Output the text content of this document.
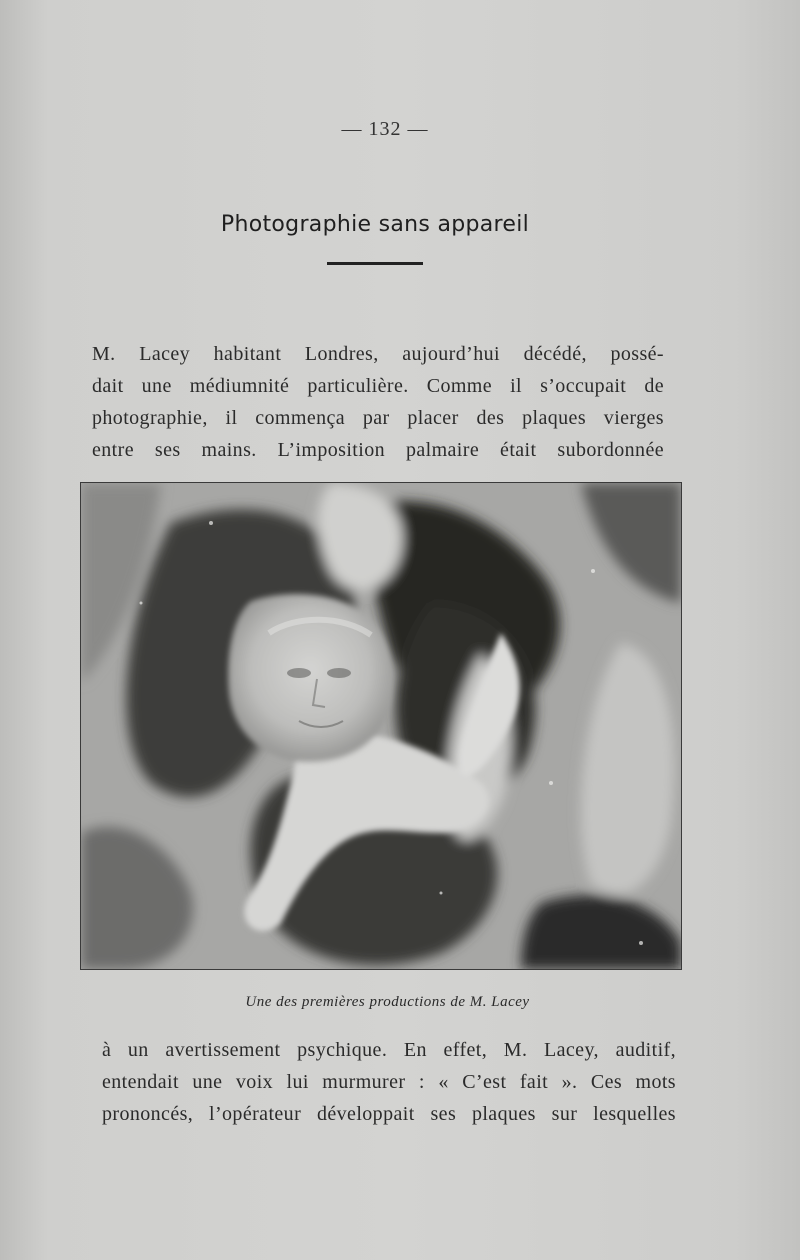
— 132 —
Photographie sans appareil
M. Lacey habitant Londres, aujourd’hui décédé, possé-
dait une médiumnité particulière. Comme il s’occupait de
photographie, il commença par placer des plaques vierges
entre ses mains. L’imposition palmaire était subordonnée
Une des premières productions de M. Lacey
à un avertissement psychique. En effet, M. Lacey, auditif,
entendait une voix lui murmurer : « C’est fait ». Ces mots
prononcés, l’opérateur développait ses plaques sur lesquelles
